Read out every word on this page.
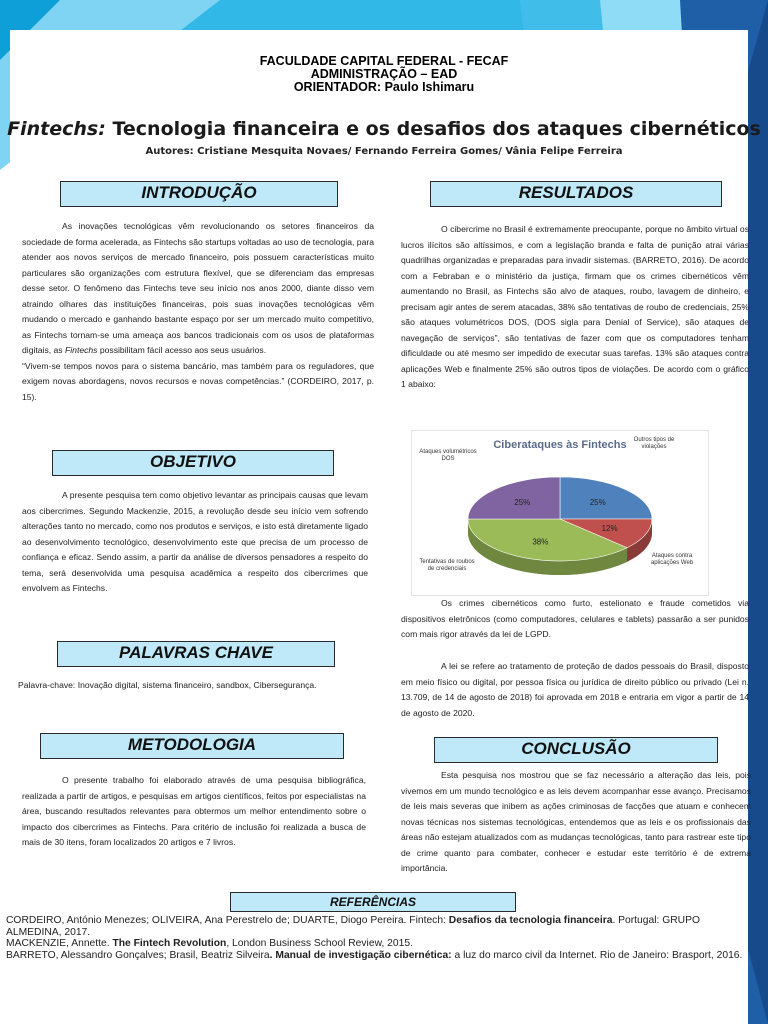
FACULDADE CAPITAL FEDERAL - FECAF
ADMINISTRAÇÃO – EAD
ORIENTADOR: Paulo Ishimaru
Fintechs: Tecnologia financeira e os desafios dos ataques cibernéticos
Autores: Cristiane Mesquita Novaes/ Fernando Ferreira Gomes/ Vânia Felipe Ferreira
INTRODUÇÃO

As inovações tecnológicas vêm revolucionando os setores financeiros da sociedade de forma acelerada, as Fintechs são startups voltadas ao uso de tecnologia, para atender aos novos serviços de mercado financeiro, pois possuem características muito particulares são organizações com estrutura flexível, que se diferenciam das empresas desse setor. O fenômeno das Fintechs teve seu início nos anos 2000, diante disso vem atraindo olhares das instituições financeiras, pois suas inovações tecnológicas vêm mudando o mercado e ganhando bastante espaço por ser um mercado muito competitivo, as Fintechs tornam-se uma ameaça aos bancos tradicionais com os usos de plataformas digitais, as Fintechs possibilitam fácil acesso aos seus usuários.

“Vivem-se tempos novos para o sistema bancário, mas também para os reguladores, que exigem novas abordagens, novos recursos e novas competências.” (CORDEIRO, 2017, p. 15).

OBJETIVO

A presente pesquisa tem como objetivo levantar as principais causas que levam aos cibercrimes. Segundo Mackenzie, 2015, a revolução desde seu início vem sofrendo alterações tanto no mercado, como nos produtos e serviços, e isto está diretamente ligado ao desenvolvimento tecnológico, desenvolvimento este que precisa de um processo de confiança e eficaz. Sendo assim, a partir da análise de diversos pensadores a respeito do tema, será desenvolvida uma pesquisa acadêmica a respeito dos cibercrimes que envolvem as Fintechs.

PALAVRAS CHAVE

Palavra-chave: Inovação digital, sistema financeiro, sandbox, Cibersegurança.

METODOLOGIA

O presente trabalho foi elaborado através de uma pesquisa bibliográfica, realizada a partir de artigos, e pesquisas em artigos científicos, feitos por especialistas na área, buscando resultados relevantes para obtermos um melhor entendimento sobre o impacto dos cibercrimes as Fintechs. Para critério de inclusão foi realizada a busca de mais de 30 itens, foram localizados 20 artigos e 7 livros.

RESULTADOS

O cibercrime no Brasil é extremamente preocupante, porque no âmbito virtual os lucros ilícitos são altíssimos, e com a legislação branda e falta de punição atrai várias quadrilhas organizadas e preparadas para invadir sistemas. (BARRETO, 2016). De acordo com a Febraban e o ministério da justiça, firmam que os crimes cibernéticos vêm aumentando no Brasil, as Fintechs são alvo de ataques, roubo, lavagem de dinheiro, e precisam agir antes de serem atacadas, 38% são tentativas de roubo de credenciais, 25% são ataques volumétricos DOS, (DOS sigla para Denial of Service), são ataques de navegação de serviços”, são tentativas de fazer com que os computadores tenham dificuldade ou até mesmo ser impedido de executar suas tarefas. 13% são ataques contra aplicações Web e finalmente 25% são outros tipos de violações. De acordo com o gráfico 1 abaixo:

Ciberataques às Fintechs
25%
12%
38%
25%
Ataques volumétricos DOS
Outros tipos de violações
Ataques contra aplicações Web
Tentativas de roubos de credenciais

Os crimes cibernéticos como furto, estelionato e fraude cometidos via dispositivos eletrônicos (como computadores, celulares e tablets) passarão a ser punidos com mais rigor através da lei de LGPD.

A lei se refere ao tratamento de proteção de dados pessoais do Brasil, disposto em meio físico ou digital, por pessoa física ou jurídica de direito público ou privado (Lei n. 13.709, de 14 de agosto de 2018) foi aprovada em 2018 e entraria em vigor a partir de 14 de agosto de 2020.

CONCLUSÃO

Esta pesquisa nos mostrou que se faz necessário a alteração das leis, pois vivemos em um mundo tecnológico e as leis devem acompanhar esse avanço. Precisamos de leis mais severas que inibem as ações criminosas de facções que atuam e conhecem novas técnicas nos sistemas tecnológicas, entendemos que as leis e os profissionais das áreas não estejam atualizados com as mudanças tecnológicas, tanto para rastrear este tipo de crime quanto para combater, conhecer e estudar este território é de extrema importância.

REFERÊNCIAS

CORDEIRO, António Menezes; OLIVEIRA, Ana Perestrelo de; DUARTE, Diogo Pereira. Fintech: Desafios da tecnologia financeira. Portugal: GRUPO ALMEDINA, 2017.

MACKENZIE, Annette. The Fintech Revolution, London Business School Review, 2015.

BARRETO, Alessandro Gonçalves; Brasil, Beatriz Silveira. Manual de investigação cibernética: a luz do marco civil da Internet. Rio de Janeiro: Brasport, 2016.
